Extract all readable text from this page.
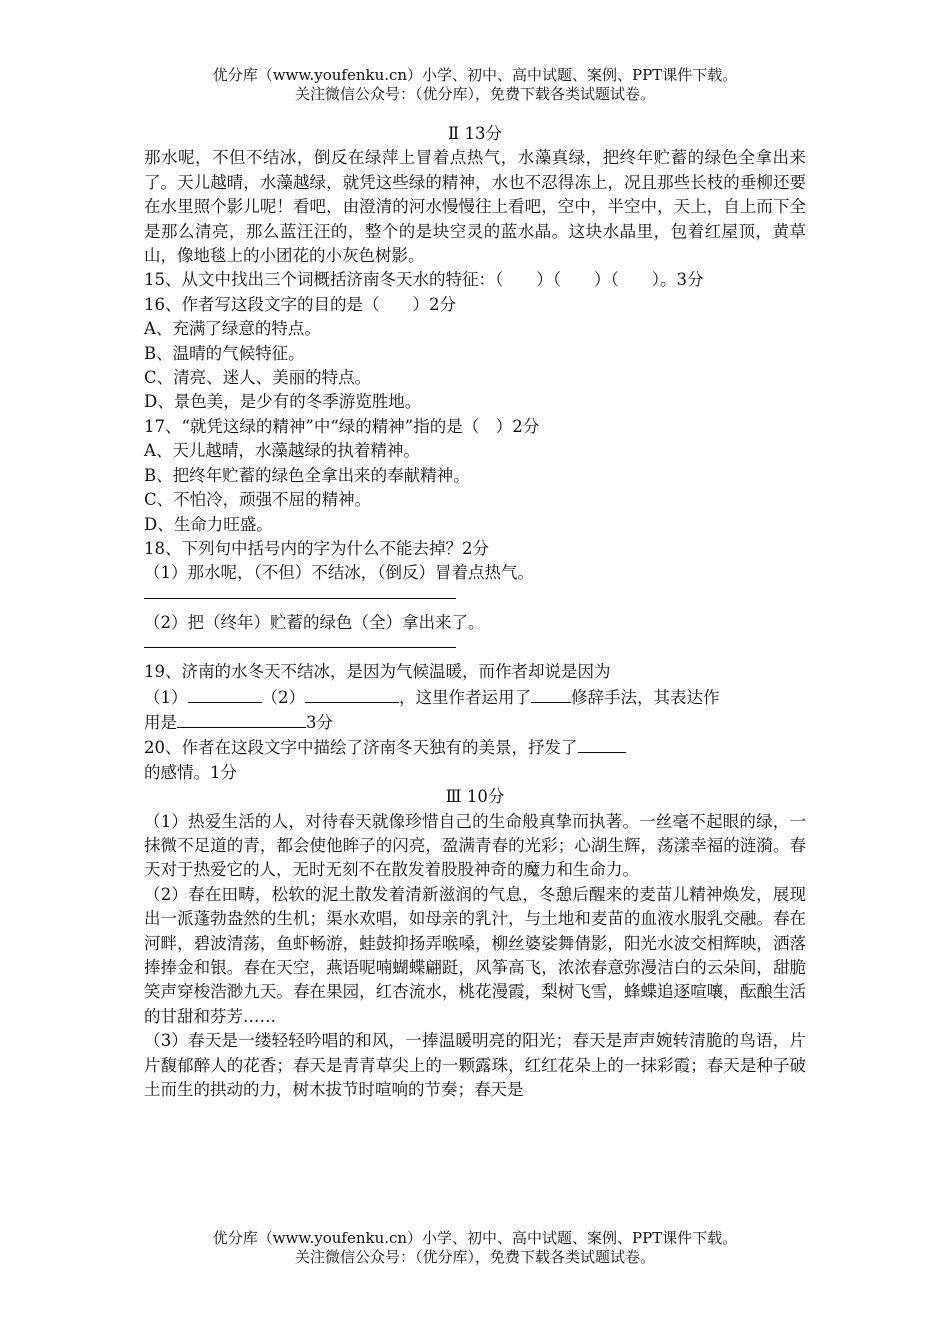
优分库（www.youfenku.cn）小学、初中、高中试题、案例、PPT课件下载。
关注微信公众号：（优分库），免费下载各类试题试卷。
Ⅱ 13分
那水呢，不但不结冰，倒反在绿萍上冒着点热气，水藻真绿，把终年贮蓄的绿色全拿出来了。天儿越晴，水藻越绿，就凭这些绿的精神，水也不忍得冻上，况且那些长枝的垂柳还要在水里照个影儿呢！看吧，由澄清的河水慢慢往上看吧，空中，半空中，天上，自上而下全是那么清亮，那么蓝汪汪的，整个的是块空灵的蓝水晶。这块水晶里，包着红屋顶，黄草山，像地毯上的小团花的小灰色树影。
15、从文中找出三个词概括济南冬天水的特征：（　　）（　　）（　　）。3分
16、作者写这段文字的目的是（　　）2分
A、充满了绿意的特点。
B、温晴的气候特征。
C、清亮、迷人、美丽的特点。
D、景色美，是少有的冬季游览胜地。
17、“就凭这绿的精神”中“绿的精神”指的是（　）2分
A、天儿越晴，水藻越绿的执着精神。
B、把终年贮蓄的绿色全拿出来的奉献精神。
C、不怕冷，顽强不屈的精神。
D、生命力旺盛。
18、下列句中括号内的字为什么不能去掉？2分
（1）那水呢，（不但）不结冰，（倒反）冒着点热气。
（2）把（终年）贮蓄的绿色（全）拿出来了。
19、济南的水冬天不结冰，是因为气候温暖，而作者却说是因为
（1）	（2）	，这里作者运用了 修辞手法，其表达作
用是	3分
20、作者在这段文字中描绘了济南冬天独有的美景，抒发了
的感情。1分
Ⅲ 10分
（1）热爱生活的人，对待春天就像珍惜自己的生命般真挚而执著。一丝毫不起眼的绿，一抹微不足道的青，都会使他眸子的闪亮，盈满青春的光彩；心湖生辉，荡漾幸福的涟漪。春天对于热爱它的人，无时无刻不在散发着股股神奇的魔力和生命力。
（2）春在田畴，松软的泥土散发着清新滋润的气息，冬憩后醒来的麦苗儿精神焕发，展现出一派蓬勃盎然的生机；渠水欢唱，如母亲的乳汁，与土地和麦苗的血液水服乳交融。春在河畔，碧波清荡，鱼虾畅游，蛙鼓抑扬弄喉嗓，柳丝婆娑舞倩影，阳光水波交相辉映，洒落捧捧金和银。春在天空，燕语呢喃蝴蝶翩跹，风筝高飞，浓浓春意弥漫洁白的云朵间，甜脆笑声穿梭浩渺九天。春在果园，红杏流水，桃花漫霞，梨树飞雪，蜂蝶追逐喧嚷，酝酿生活的甘甜和芬芳……
（3）春天是一缕轻轻吟唱的和风，一捧温暖明亮的阳光；春天是声声婉转清脆的鸟语，片片馥郁醉人的花香；春天是青青草尖上的一颗露珠，红红花朵上的一抹彩霞；春天是种子破土而生的拱动的力，树木拔节时喧响的节奏；春天是
优分库（www.youfenku.cn）小学、初中、高中试题、案例、PPT课件下载。
关注微信公众号：（优分库），免费下载各类试题试卷。
